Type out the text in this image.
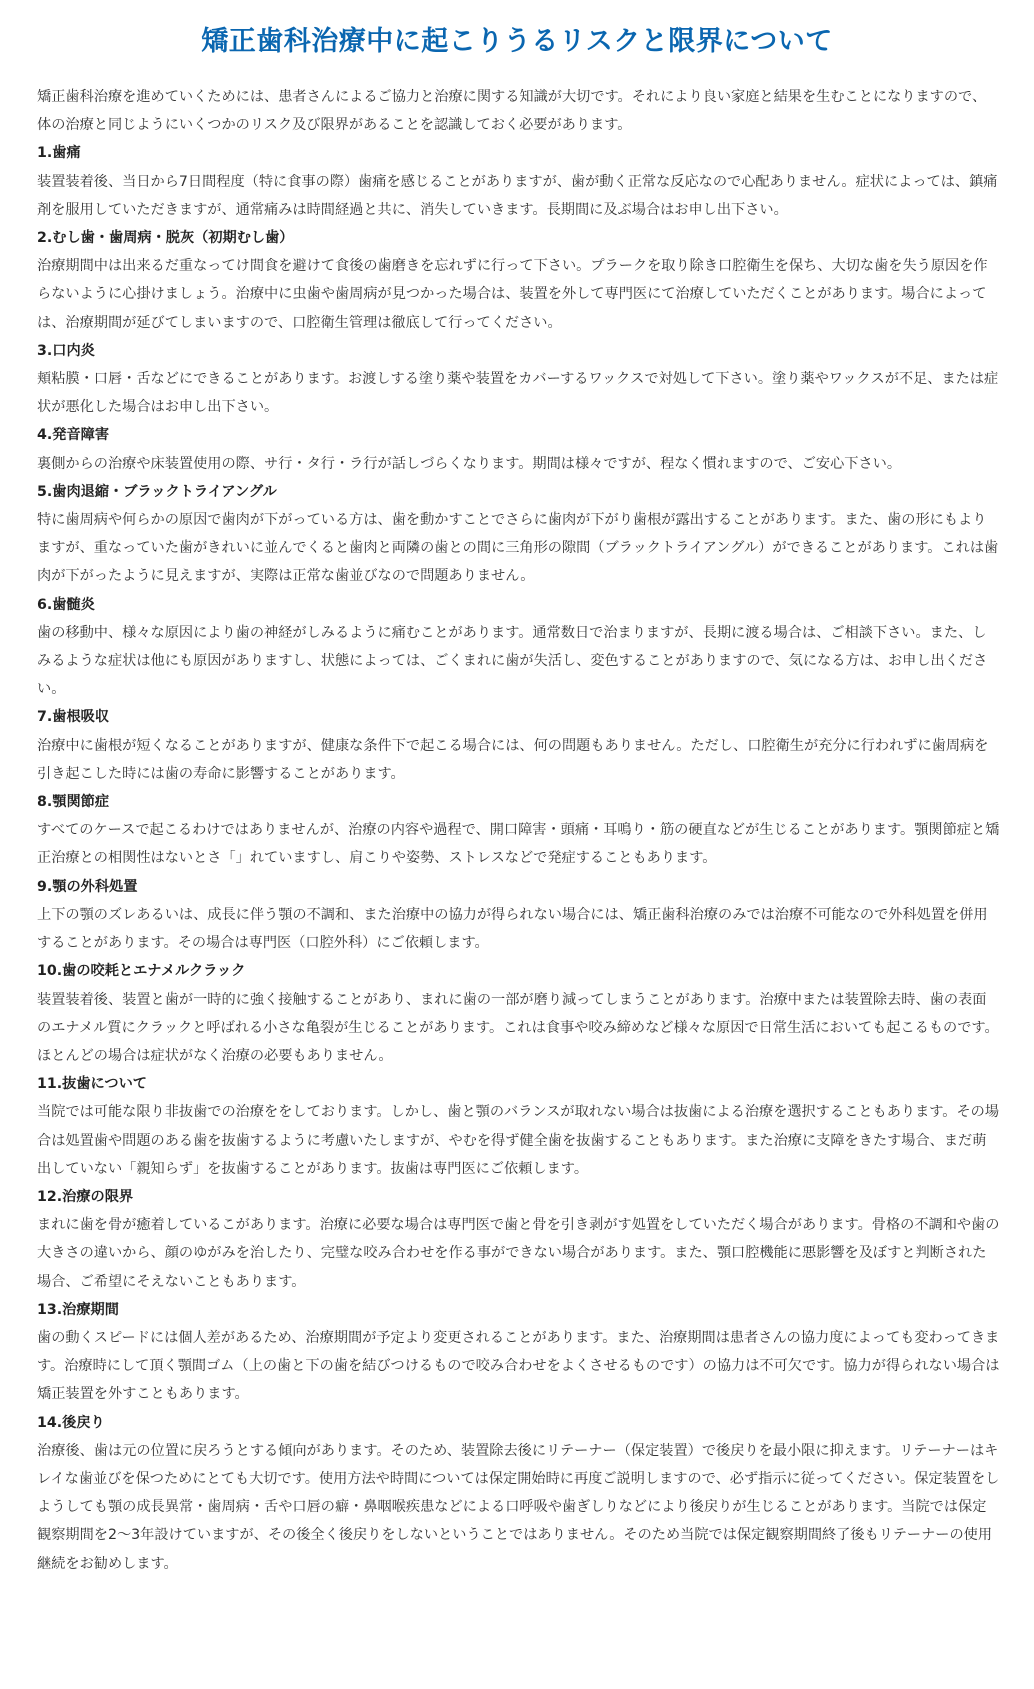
矯正歯科治療中に起こりうるリスクと限界について

矯正歯科治療を進めていくためには、患者さんによるご協力と治療に関する知識が大切です。それにより良い家庭と結果を生むことになりますので、体の治療と同じようにいくつかのリスク及び限界があることを認識しておく必要があります。

1.歯痛

装置装着後、当日から7日間程度（特に食事の際）歯痛を感じることがありますが、歯が動く正常な反応なので心配ありません。症状によっては、鎮痛剤を服用していただきますが、通常痛みは時間経過と共に、消失していきます。長期間に及ぶ場合はお申し出下さい。

2.むし歯・歯周病・脱灰（初期むし歯）

治療期間中は出来るだ重なってけ間食を避けて食後の歯磨きを忘れずに行って下さい。プラークを取り除き口腔衛生を保ち、大切な歯を失う原因を作らないように心掛けましょう。治療中に虫歯や歯周病が見つかった場合は、装置を外して専門医にて治療していただくことがあります。場合によっては、治療期間が延びてしまいますので、口腔衛生管理は徹底して行ってください。

3.口内炎

頬粘膜・口唇・舌などにできることがあります。お渡しする塗り薬や装置をカバーするワックスで対処して下さい。塗り薬やワックスが不足、または症状が悪化した場合はお申し出下さい。

4.発音障害

裏側からの治療や床装置使用の際、サ行・タ行・ラ行が話しづらくなります。期間は様々ですが、程なく慣れますので、ご安心下さい。

5.歯肉退縮・ブラックトライアングル

特に歯周病や何らかの原因で歯肉が下がっている方は、歯を動かすことでさらに歯肉が下がり歯根が露出することがあります。また、歯の形にもよりますが、重なっていた歯がきれいに並んでくると歯肉と両隣の歯との間に三角形の隙間（ブラックトライアングル）ができることがあります。これは歯肉が下がったように見えますが、実際は正常な歯並びなので問題ありません。

6.歯髄炎

歯の移動中、様々な原因により歯の神経がしみるように痛むことがあります。通常数日で治まりますが、長期に渡る場合は、ご相談下さい。また、しみるような症状は他にも原因がありますし、状態によっては、ごくまれに歯が失活し、変色することがありますので、気になる方は、お申し出ください。

7.歯根吸収

治療中に歯根が短くなることがありますが、健康な条件下で起こる場合には、何の問題もありません。ただし、口腔衛生が充分に行われずに歯周病を引き起こした時には歯の寿命に影響することがあります。

8.顎関節症

すべてのケースで起こるわけではありませんが、治療の内容や過程で、開口障害・頭痛・耳鳴り・筋の硬直などが生じることがあります。顎関節症と矯正治療との相関性はないとさ「」れていますし、肩こりや姿勢、ストレスなどで発症することもあります。

9.顎の外科処置

上下の顎のズレあるいは、成長に伴う顎の不調和、また治療中の協力が得られない場合には、矯正歯科治療のみでは治療不可能なので外科処置を併用することがあります。その場合は専門医（口腔外科）にご依頼します。

10.歯の咬耗とエナメルクラック

装置装着後、装置と歯が一時的に強く接触することがあり、まれに歯の一部が磨り減ってしまうことがあります。治療中または装置除去時、歯の表面のエナメル質にクラックと呼ばれる小さな亀裂が生じることがあります。これは食事や咬み締めなど様々な原因で日常生活においても起こるものです。ほとんどの場合は症状がなく治療の必要もありません。

11.抜歯について

当院では可能な限り非抜歯での治療ををしております。しかし、歯と顎のバランスが取れない場合は抜歯による治療を選択することもあります。その場合は処置歯や問題のある歯を抜歯するように考慮いたしますが、やむを得ず健全歯を抜歯することもあります。また治療に支障をきたす場合、まだ萌出していない「親知らず」を抜歯することがあります。抜歯は専門医にご依頼します。

12.治療の限界

まれに歯を骨が癒着しているこがあります。治療に必要な場合は専門医で歯と骨を引き剥がす処置をしていただく場合があります。骨格の不調和や歯の大きさの違いから、顔のゆがみを治したり、完璧な咬み合わせを作る事ができない場合があります。また、顎口腔機能に悪影響を及ぼすと判断された場合、ご希望にそえないこともあります。

13.治療期間

歯の動くスピードには個人差があるため、治療期間が予定より変更されることがあります。また、治療期間は患者さんの協力度によっても変わってきます。治療時にして頂く顎間ゴム（上の歯と下の歯を結びつけるもので咬み合わせをよくさせるものです）の協力は不可欠です。協力が得られない場合は矯正装置を外すこともあります。

14.後戻り

治療後、歯は元の位置に戻ろうとする傾向があります。そのため、装置除去後にリテーナー（保定装置）で後戻りを最小限に抑えます。リテーナーはキレイな歯並びを保つためにとても大切です。使用方法や時間については保定開始時に再度ご説明しますので、必ず指示に従ってください。保定装置をしようしても顎の成長異常・歯周病・舌や口唇の癖・鼻咽喉疾患などによる口呼吸や歯ぎしりなどにより後戻りが生じることがあります。当院では保定観察期間を2〜3年設けていますが、その後全く後戻りをしないということではありません。そのため当院では保定観察期間終了後もリテーナーの使用継続をお勧めします。
